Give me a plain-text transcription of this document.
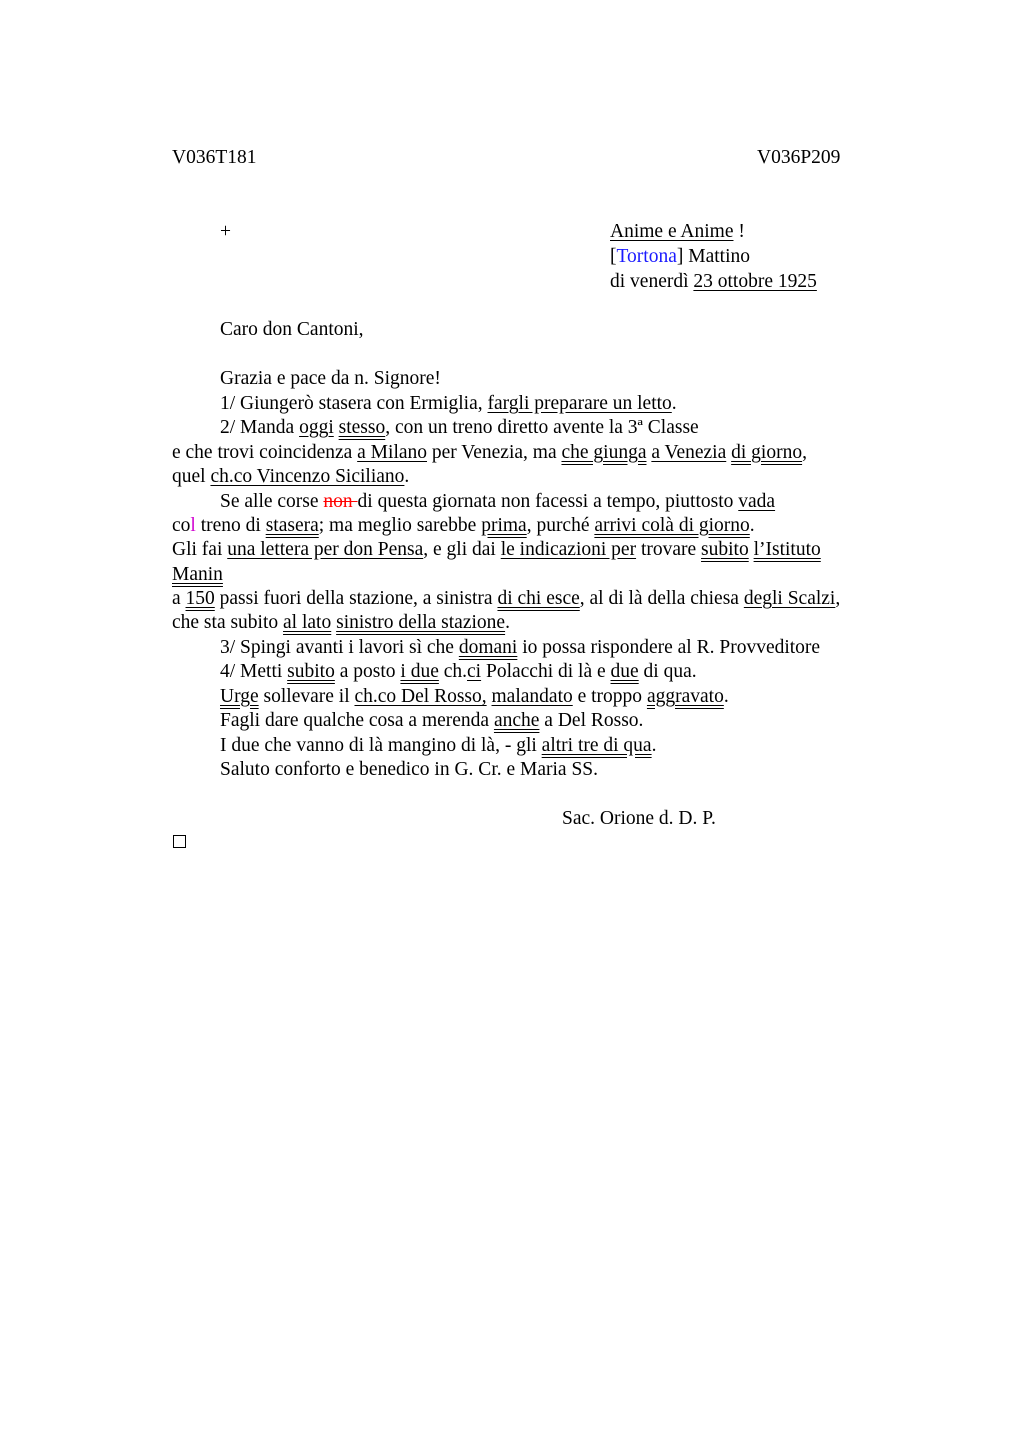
V036T181	V036P209
+	Anime e Anime !
[Tortona] Mattino
di venerdì 23 ottobre 1925
Caro don Cantoni,
Grazia e pace da n. Signore!
1/ Giungerò stasera con Ermiglia, fargli preparare un letto.
2/ Manda oggi stesso, con un treno diretto avente la 3ª Classe
e che trovi coincidenza a Milano per Venezia, ma che giunga a Venezia di giorno,
quel ch.co Vincenzo Siciliano.
Se alle corse non di questa giornata non facessi a tempo, piuttosto vada
col treno di stasera; ma meglio sarebbe prima, purché arrivi colà di giorno.
Gli fai una lettera per don Pensa, e gli dai le indicazioni per trovare subito l’Istituto
Manin
a 150 passi fuori della stazione, a sinistra di chi esce, al di là della chiesa degli Scalzi,
che sta subito al lato sinistro della stazione.
3/ Spingi avanti i lavori sì che domani io possa rispondere al R. Provveditore
4/ Metti subito a posto i due ch.ci Polacchi di là e due di qua.
Urge sollevare il ch.co Del Rosso, malandato e troppo aggravato.
Fagli dare qualche cosa a merenda anche a Del Rosso.
I due che vanno di là mangino di là, - gli altri tre di qua.
Saluto conforto e benedico in G. Cr. e Maria SS.
Sac. Orione d. D. P.
